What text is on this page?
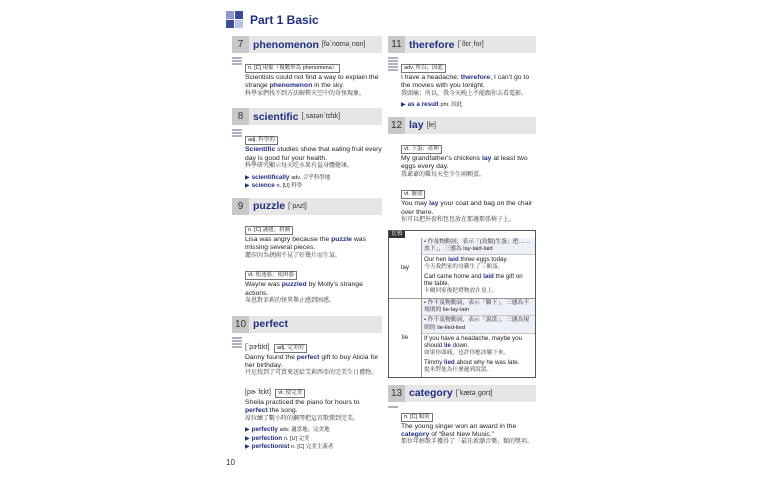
Part 1 Basic
7 phenomenon [fəˋnɑmə͵nɑn]
n. [C] 現象（複數形為 phenomena）
Scientists could not find a way to explain the strange phenomenon in the sky.
科學家們找不到方法解釋天空中的奇怪現象。
8 scientific [͵saɪənˋtɪfɪk]
adj. 科學的
Scientific studies show that eating fruit every day is good for your health.
科學研究顯示每天吃水果有益身體健康。
▶ scientifically adv. 合乎科學地
▶ science n. [U] 科學
9 puzzle [ˋpʌzl̩]
n. [C] 謎題；拼圖
Lisa was angry because the puzzle was missing several pieces.
麗莎因為拼圖不見了好幾片而生氣。
vt. 使迷惑；使困惑
Wayne was puzzled by Molly’s strange actions.
韋恩對茉莉的怪異舉止感到困惑。
10 perfect
[ˋpɝfɪkt] adj. 完美的
Danny found the perfect gift to buy Alicia for her birthday.
丹尼找到了可買來送給艾莉西亞的完美生日禮物。
[pɚˋfɛkt] vt. 使完美
Sheila practiced the piano for hours to perfect the song.
席拉練了數小時的鋼琴把這首歌彈到完美。
▶ perfectly adv. 適當地；完美地
▶ perfection n. [U] 完美
▶ perfectionist n. [C] 完美主義者
11 therefore [ˋðɛr͵for]
adv. 所以；因此
I have a headache; therefore, I can’t go to the movies with you tonight.
我頭痛；所以，我今天晚上不能跟你去看電影。
▶ as a result phr. 因此
12 lay [le]
vt. 下蛋；產卵
My grandfather’s chickens lay at least two eggs every day.
我爺爺的雞每天至少生兩顆蛋。
vt. 擺放
You may lay your coat and bag on the chair over there.
你可以把外套和包包放在那邊那張椅子上。
比較
lay
• 作及物動詞，表示「(鳥類)生蛋；把……放下」，三態為 lay-laid-laid
Our hen laid three eggs today.
今天我們家的母雞生了三顆蛋。
Carl came home and laid the gift on the table.
卡爾回家後把禮物放在桌上。
lie
• 作不及物動詞，表示「躺下」，三態為不規則的 lie-lay-lain
• 作不及物動詞，表示「說謊」，三態為規則的 lie-lied-lied
If you have a headache, maybe you should lie down.
如果你頭痛，也許你應該躺下來。
Timmy lied about why he was late.
提米對他為什麼遲到說謊。
13 category [ˋkætə͵gorɪ]
n. [C] 類別
The young singer won an award in the category of “Best New Music.”
那位年輕歌手獲得了「最佳新潮音樂」類的獎項。
10
